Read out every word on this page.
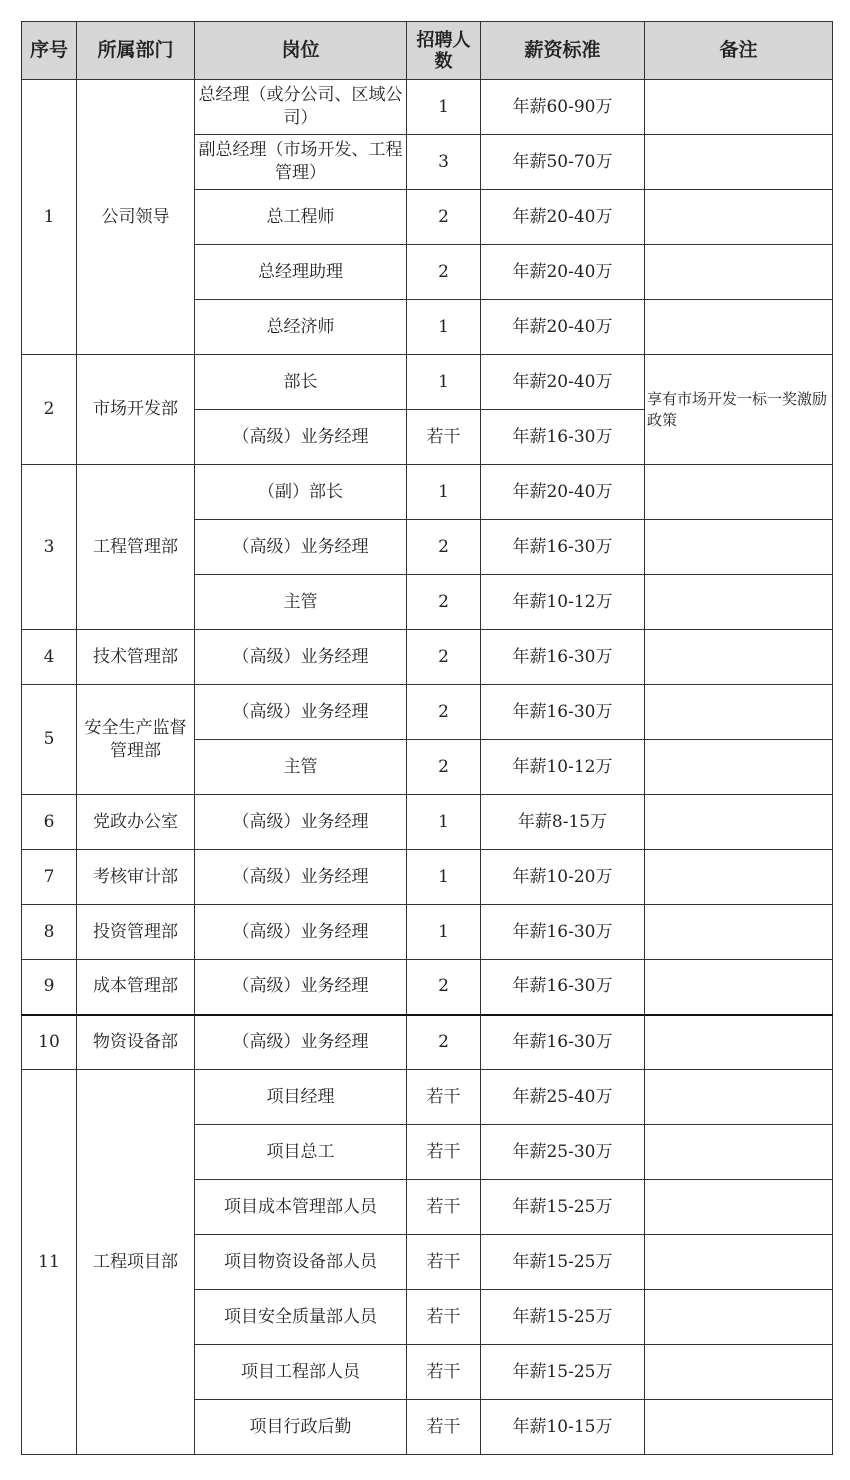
序号	所属部门	岗位	招聘人数	薪资标准	备注
1	公司领导	总经理（或分公司、区域公司）	1	年薪60-90万	
		副总经理（市场开发、工程管理）	3	年薪50-70万	
		总工程师	2	年薪20-40万	
		总经理助理	2	年薪20-40万	
		总经济师	1	年薪20-40万	
2	市场开发部	部长	1	年薪20-40万	享有市场开发一标一奖激励政策
		（高级）业务经理	若干	年薪16-30万	
3	工程管理部	（副）部长	1	年薪20-40万	
		（高级）业务经理	2	年薪16-30万	
		主管	2	年薪10-12万	
4	技术管理部	（高级）业务经理	2	年薪16-30万	
5	安全生产监督管理部	（高级）业务经理	2	年薪16-30万	
		主管	2	年薪10-12万	
6	党政办公室	（高级）业务经理	1	年薪8-15万	
7	考核审计部	（高级）业务经理	1	年薪10-20万	
8	投资管理部	（高级）业务经理	1	年薪16-30万	
9	成本管理部	（高级）业务经理	2	年薪16-30万	
10	物资设备部	（高级）业务经理	2	年薪16-30万	
11	工程项目部	项目经理	若干	年薪25-40万	
		项目总工	若干	年薪25-30万	
		项目成本管理部人员	若干	年薪15-25万	
		项目物资设备部人员	若干	年薪15-25万	
		项目安全质量部人员	若干	年薪15-25万	
		项目工程部人员	若干	年薪15-25万	
		项目行政后勤	若干	年薪10-15万	
